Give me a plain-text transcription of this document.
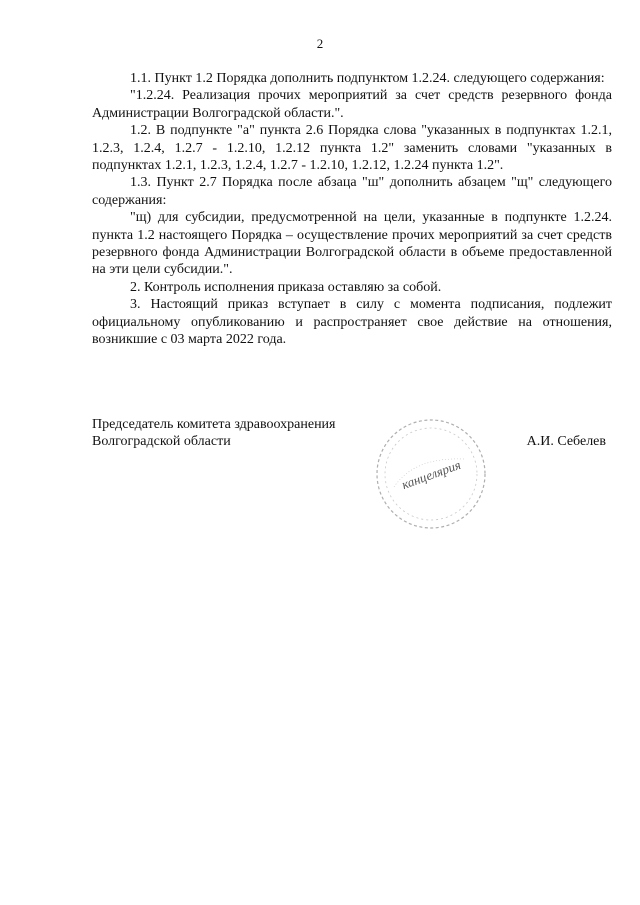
2

1.1. Пункт 1.2 Порядка дополнить подпунктом 1.2.24. следующего содержания:

"1.2.24. Реализация прочих мероприятий за счет средств резервного фонда Администрации Волгоградской области.".

1.2. В подпункте "а" пункта 2.6 Порядка слова "указанных в подпунктах 1.2.1, 1.2.3, 1.2.4, 1.2.7 - 1.2.10, 1.2.12 пункта 1.2" заменить словами "указанных в подпунктах 1.2.1, 1.2.3, 1.2.4, 1.2.7 - 1.2.10, 1.2.12, 1.2.24 пункта 1.2".

1.3. Пункт 2.7 Порядка после абзаца "ш" дополнить абзацем "щ" следующего содержания:

"щ) для субсидии, предусмотренной на цели, указанные в подпункте 1.2.24. пункта 1.2 настоящего Порядка – осуществление прочих мероприятий за счет средств резервного фонда Администрации Волгоградской области в объеме предоставленной на эти цели субсидии.".

2. Контроль исполнения приказа оставляю за собой.

3. Настоящий приказ вступает в силу с момента подписания, подлежит официальному опубликованию и распространяет свое действие на отношения, возникшие с 03 марта 2022 года.

Председатель комитета здравоохранения
Волгоградской области	А.И. Себелев
канцелярия
